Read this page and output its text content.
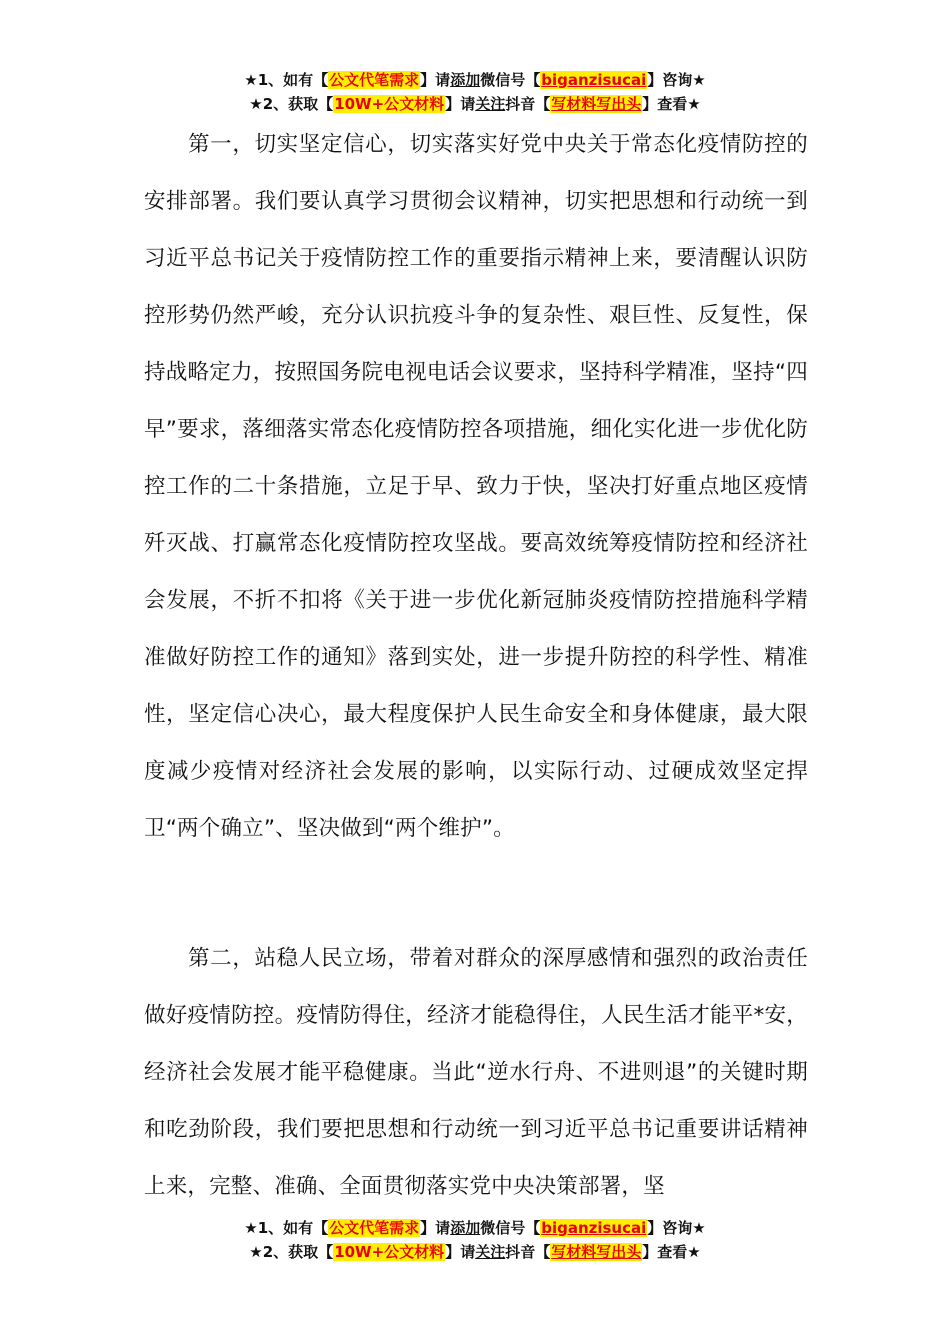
★1、如有【公文代笔需求】请添加微信号【biganzisucai】咨询★
★2、获取【10W+公文材料】请关注抖音【写材料写出头】查看★

第一，切实坚定信心，切实落实好党中央关于常态化疫情防控的安排部署。我们要认真学习贯彻会议精神，切实把思想和行动统一到习近平总书记关于疫情防控工作的重要指示精神上来，要清醒认识防控形势仍然严峻，充分认识抗疫斗争的复杂性、艰巨性、反复性，保持战略定力，按照国务院电视电话会议要求，坚持科学精准，坚持“四早”要求，落细落实常态化疫情防控各项措施，细化实化进一步优化防控工作的二十条措施，立足于早、致力于快，坚决打好重点地区疫情歼灭战、打赢常态化疫情防控攻坚战。要高效统筹疫情防控和经济社会发展，不折不扣将《关于进一步优化新冠肺炎疫情防控措施科学精准做好防控工作的通知》落到实处，进一步提升防控的科学性、精准性，坚定信心决心，最大程度保护人民生命安全和身体健康，最大限度减少疫情对经济社会发展的影响，以实际行动、过硬成效坚定捍卫“两个确立”、坚决做到“两个维护”。

第二，站稳人民立场，带着对群众的深厚感情和强烈的政治责任做好疫情防控。疫情防得住，经济才能稳得住，人民生活才能平*安，经济社会发展才能平稳健康。当此“逆水行舟、不进则退”的关键时期和吃劲阶段，我们要把思想和行动统一到习近平总书记重要讲话精神上来，完整、准确、全面贯彻落实党中央决策部署，坚

★1、如有【公文代笔需求】请添加微信号【biganzisucai】咨询★
★2、获取【10W+公文材料】请关注抖音【写材料写出头】查看★
